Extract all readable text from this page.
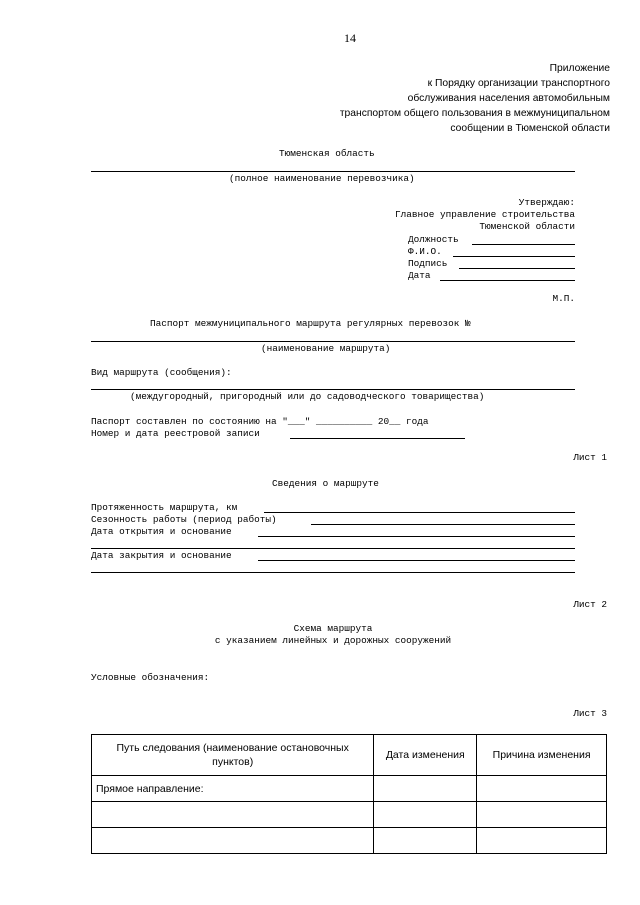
14
Приложение
к Порядку организации транспортного
обслуживания населения автомобильным
транспортом общего пользования в межмуниципальном
сообщении в Тюменской области
Тюменская область
(полное наименование перевозчика)
Утверждаю:
Главное управление строительства
Тюменской области
Должность
Ф.И.О.
Подпись
Дата
М.П.
Паспорт межмуниципального маршрута регулярных перевозок №
(наименование маршрута)
Вид маршрута (сообщения):
(междугородный, пригородный или до садоводческого товарищества)
Паспорт составлен по состоянию на "___" __________ 20__ года
Номер и дата реестровой записи
Лист 1
Сведения о маршруте
Протяженность маршрута, км
Сезонность работы (период работы)
Дата открытия и основание
Дата закрытия и основание
Лист 2
Схема маршрута
с указанием линейных и дорожных сооружений
Условные обозначения:
Лист 3
Путь следования (наименование остановочных пунктов)	Дата изменения	Причина изменения
Прямое направление:		
